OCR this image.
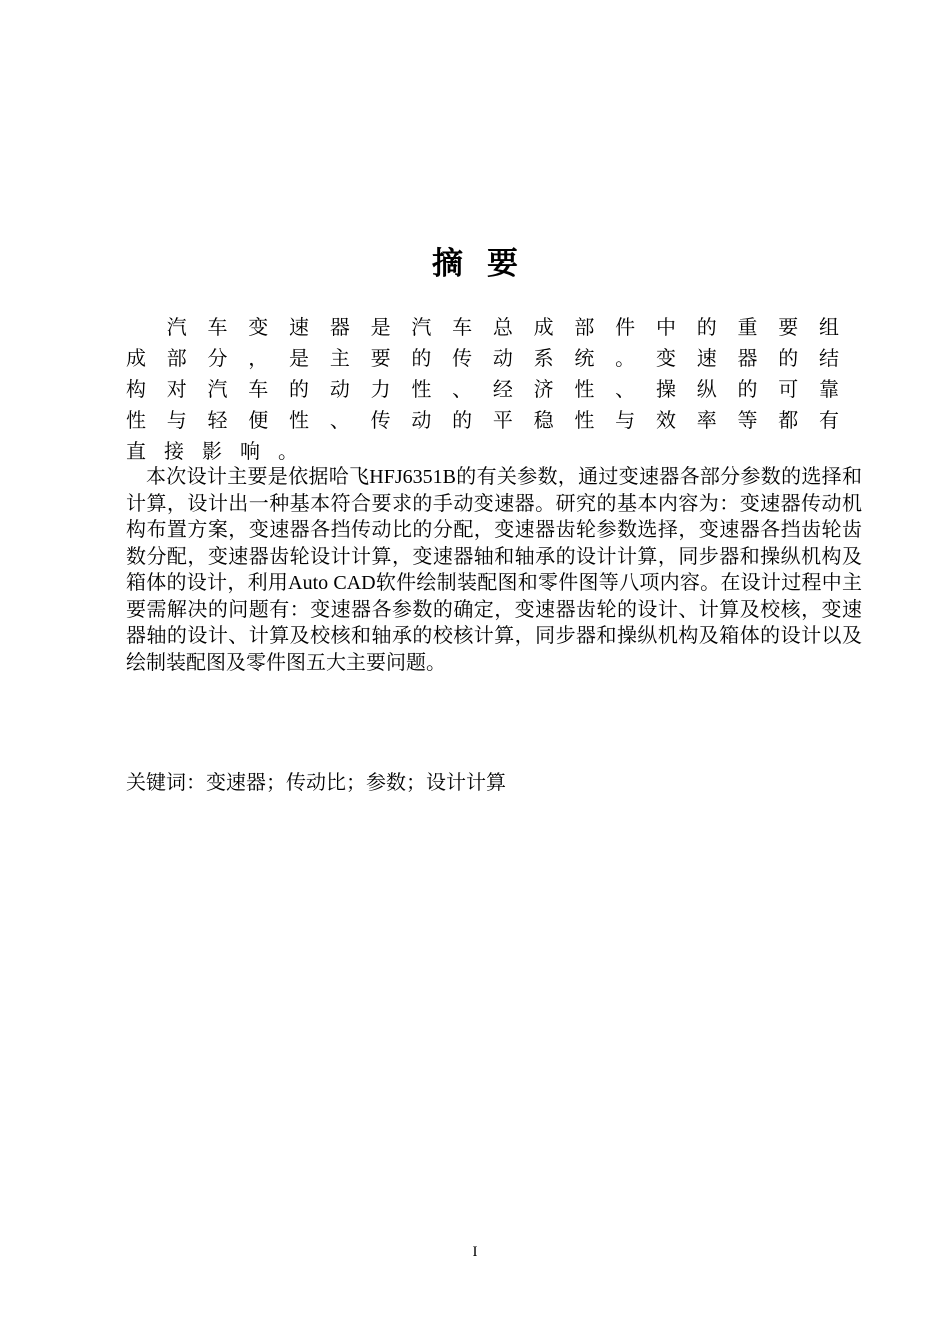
摘要
　汽车变速器是汽车总成部件中的重要组
成部分，是主要的传动系统。变速器的结
构对汽车的动力性、经济性、操纵的可靠
性与轻便性、传动的平稳性与效率等都有
直接影响。

本次设计主要是依据哈飞HFJ6351B的有关参数，通过变速器各部分参数的选择和计算，设计出一种基本符合要求的手动变速器。研究的基本内容为：变速器传动机构布置方案，变速器各挡传动比的分配，变速器齿轮参数选择，变速器各挡齿轮齿数分配，变速器齿轮设计计算，变速器轴和轴承的设计计算，同步器和操纵机构及箱体的设计，利用Auto CAD软件绘制装配图和零件图等八项内容。在设计过程中主要需解决的问题有：变速器各参数的确定，变速器齿轮的设计、计算及校核，变速器轴的设计、计算及校核和轴承的校核计算，同步器和操纵机构及箱体的设计以及绘制装配图及零件图五大主要问题。

关键词：变速器；传动比；参数；设计计算
I
